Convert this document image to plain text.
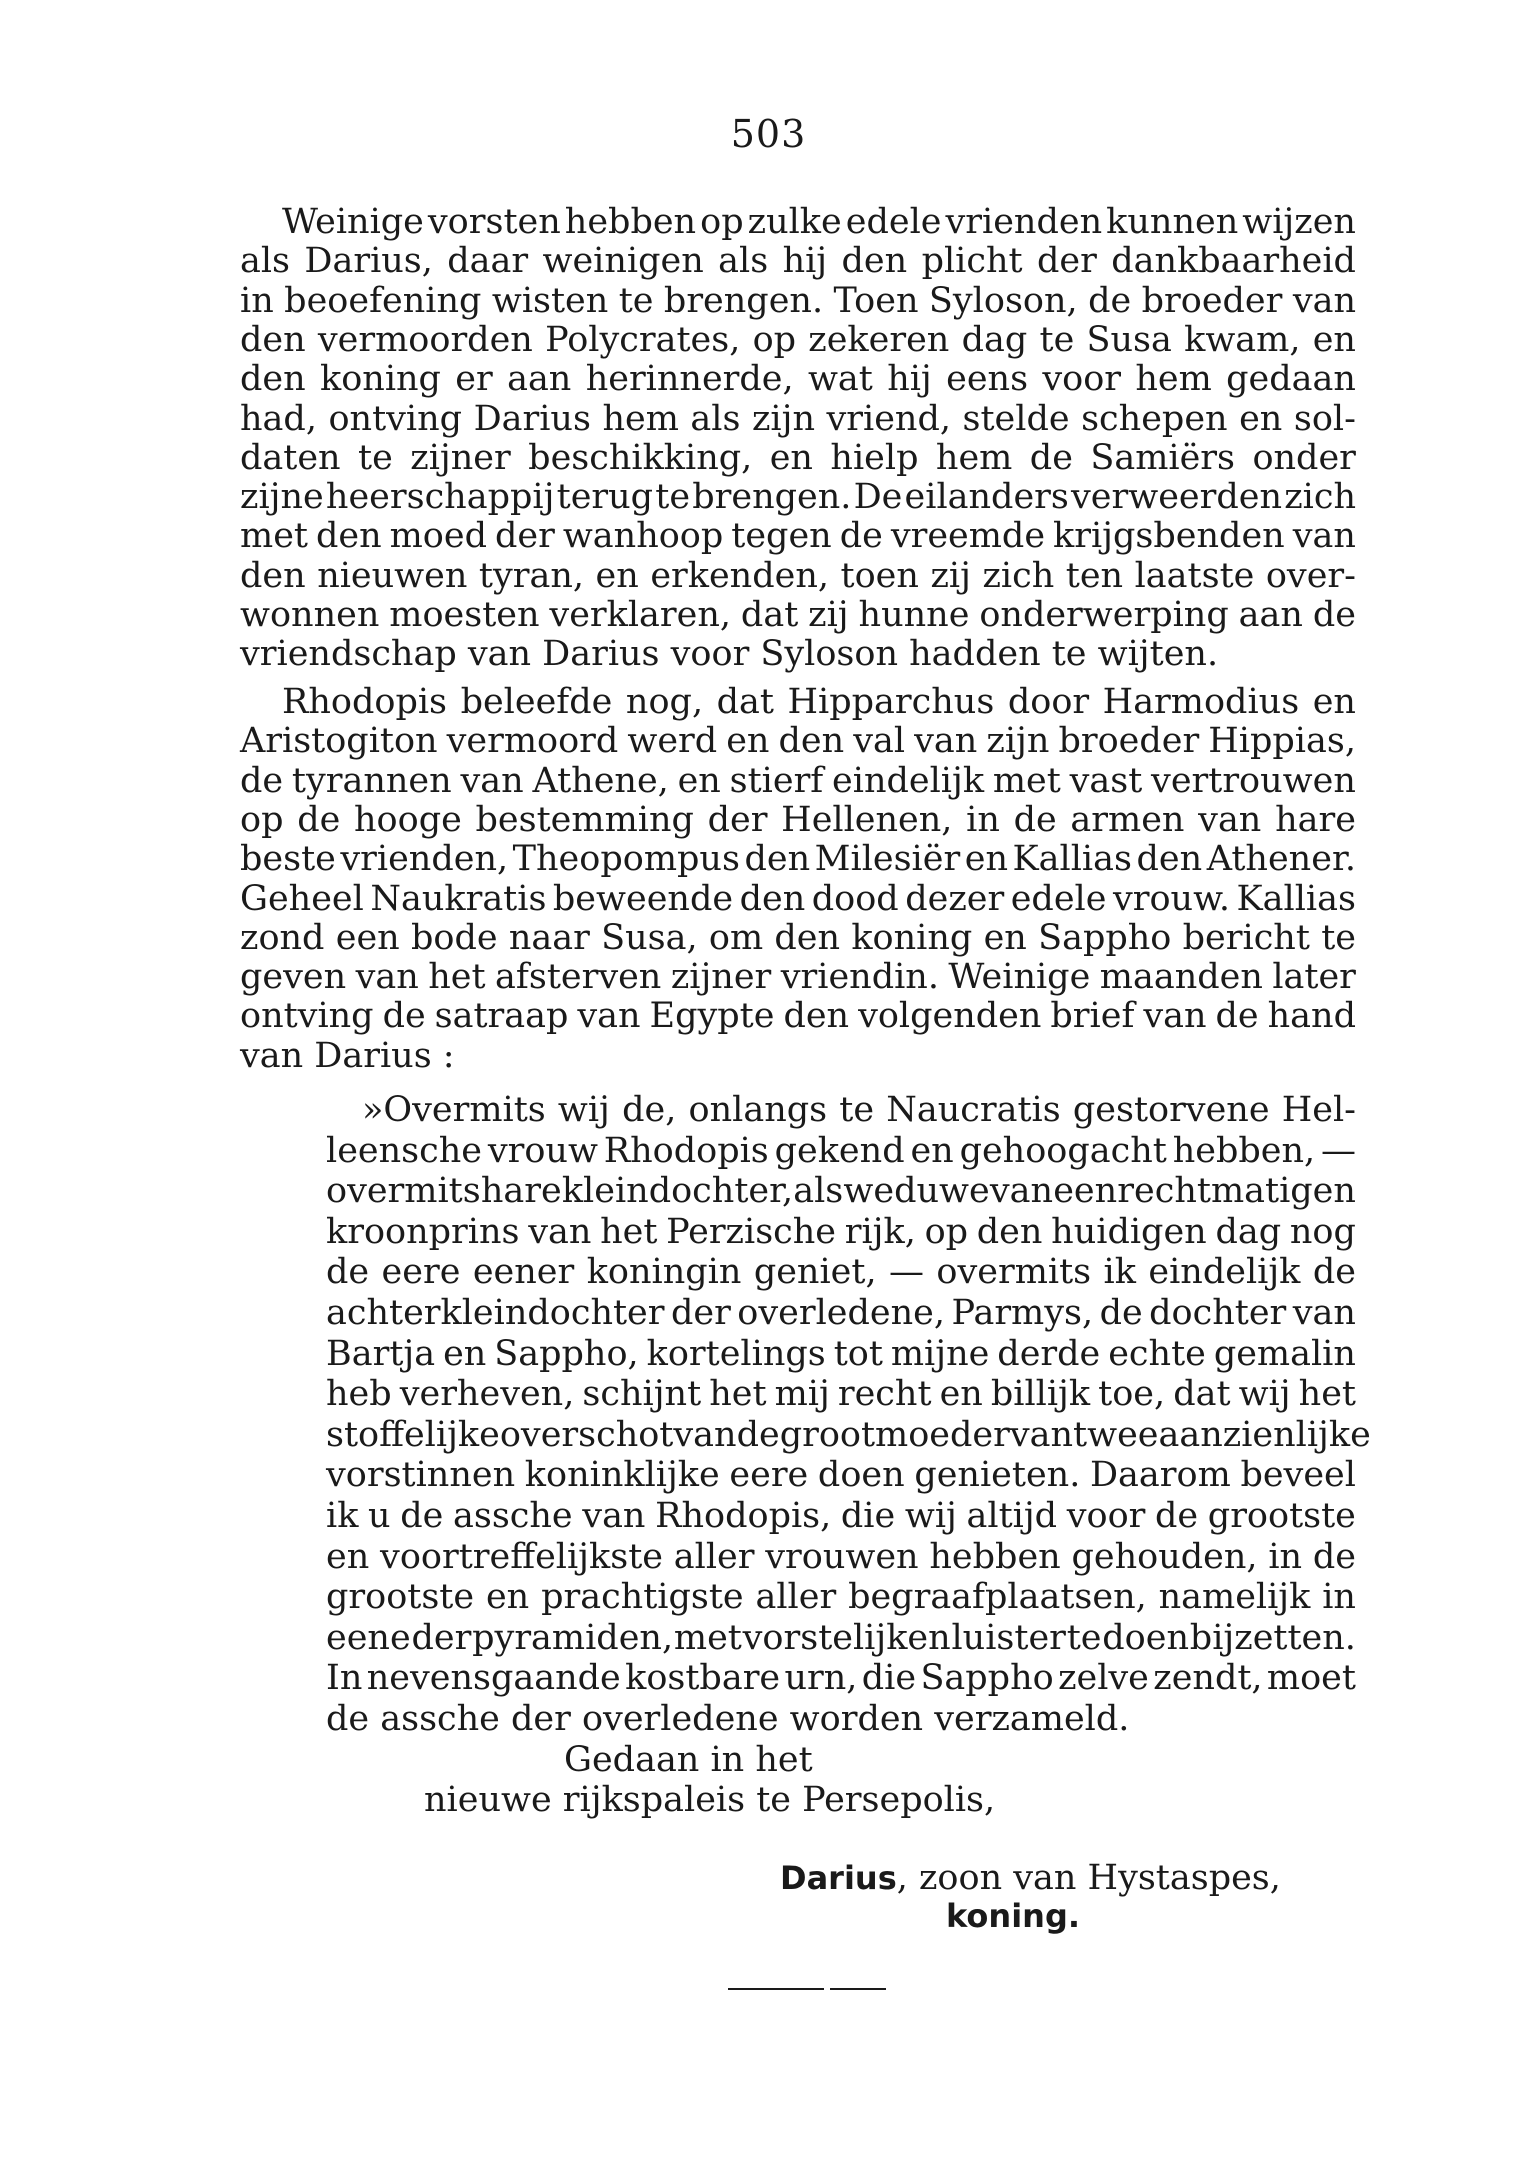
503
Weinige vorsten hebben op zulke edele vrienden kunnen wijzen
als Darius, daar weinigen als hij den plicht der dankbaarheid
in beoefening wisten te brengen. Toen Syloson, de broeder van
den vermoorden Polycrates, op zekeren dag te Susa kwam, en
den koning er aan herinnerde, wat hij eens voor hem gedaan
had, ontving Darius hem als zijn vriend, stelde schepen en sol-
daten te zijner beschikking, en hielp hem de Samiërs onder
zijne heerschappij terug te brengen. De eilanders verweerden zich
met den moed der wanhoop tegen de vreemde krijgsbenden van
den nieuwen tyran, en erkenden, toen zij zich ten laatste over-
wonnen moesten verklaren, dat zij hunne onderwerping aan de
vriendschap van Darius voor Syloson hadden te wijten.
Rhodopis beleefde nog, dat Hipparchus door Harmodius en
Aristogiton vermoord werd en den val van zijn broeder Hippias,
de tyrannen van Athene, en stierf eindelijk met vast vertrouwen
op de hooge bestemming der Hellenen, in de armen van hare
beste vrienden, Theopompus den Milesiër en Kallias den Athener.
Geheel Naukratis beweende den dood dezer edele vrouw. Kallias
zond een bode naar Susa, om den koning en Sappho bericht te
geven van het afsterven zijner vriendin. Weinige maanden later
ontving de satraap van Egypte den volgenden brief van de hand
van Darius :
»Overmits wij de, onlangs te Naucratis gestorvene Hel-
leensche vrouw Rhodopis gekend en gehoogacht hebben, —
overmits hare kleindochter, als weduwe van een rechtmatigen
kroonprins van het Perzische rijk, op den huidigen dag nog
de eere eener koningin geniet, — overmits ik eindelijk de
achterkleindochter der overledene, Parmys, de dochter van
Bartja en Sappho, kortelings tot mijne derde echte gemalin
heb verheven, schijnt het mij recht en billijk toe, dat wij het
stoffelijke overschot van de grootmoeder van twee aanzienlijke
vorstinnen koninklijke eere doen genieten. Daarom beveel
ik u de assche van Rhodopis, die wij altijd voor de grootste
en voortreffelijkste aller vrouwen hebben gehouden, in de
grootste en prachtigste aller begraafplaatsen, namelijk in
eene der pyramiden, met vorstelijken luister te doen bijzetten.
In nevensgaande kostbare urn, die Sappho zelve zendt, moet
de assche der overledene worden verzameld.
Gedaan in het
nieuwe rijkspaleis te Persepolis,
Darius, zoon van Hystaspes,
koning.
